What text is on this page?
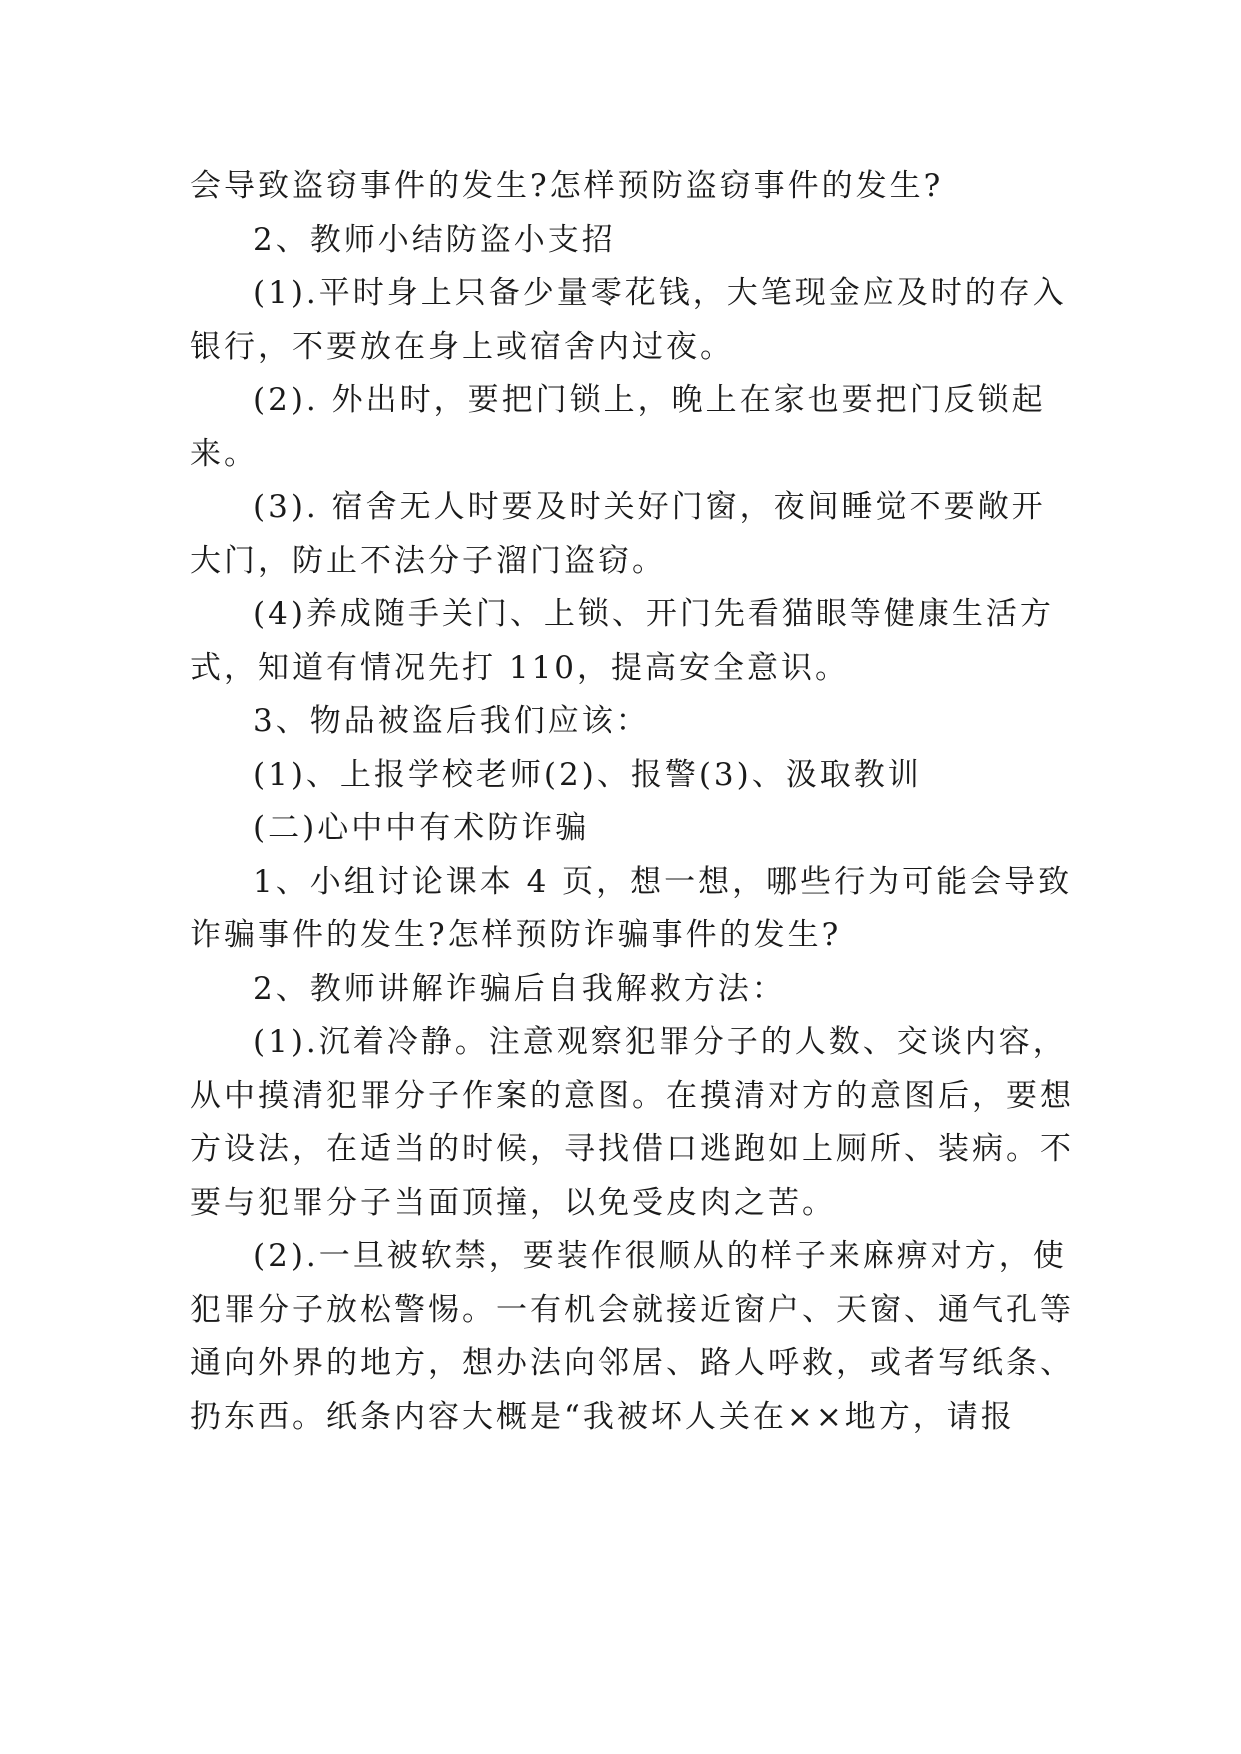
会导致盗窃事件的发生?怎样预防盗窃事件的发生?
2、教师小结防盗小支招
(1).平时身上只备少量零花钱，大笔现金应及时的存入
银行，不要放在身上或宿舍内过夜。
(2). 外出时，要把门锁上，晚上在家也要把门反锁起
来。
(3). 宿舍无人时要及时关好门窗，夜间睡觉不要敞开
大门，防止不法分子溜门盗窃。
(4)养成随手关门、上锁、开门先看猫眼等健康生活方
式，知道有情况先打 110，提高安全意识。
3、物品被盗后我们应该：
(1)、上报学校老师(2)、报警(3)、汲取教训
(二)心中中有术防诈骗
1、小组讨论课本 4 页，想一想，哪些行为可能会导致
诈骗事件的发生?怎样预防诈骗事件的发生?
2、教师讲解诈骗后自我解救方法：
(1).沉着冷静。注意观察犯罪分子的人数、交谈内容，
从中摸清犯罪分子作案的意图。在摸清对方的意图后，要想
方设法，在适当的时候，寻找借口逃跑如上厕所、装病。不
要与犯罪分子当面顶撞，以免受皮肉之苦。
(2).一旦被软禁，要装作很顺从的样子来麻痹对方，使
犯罪分子放松警惕。一有机会就接近窗户、天窗、通气孔等
通向外界的地方，想办法向邻居、路人呼救，或者写纸条、
扔东西。纸条内容大概是“我被坏人关在××地方，请报
